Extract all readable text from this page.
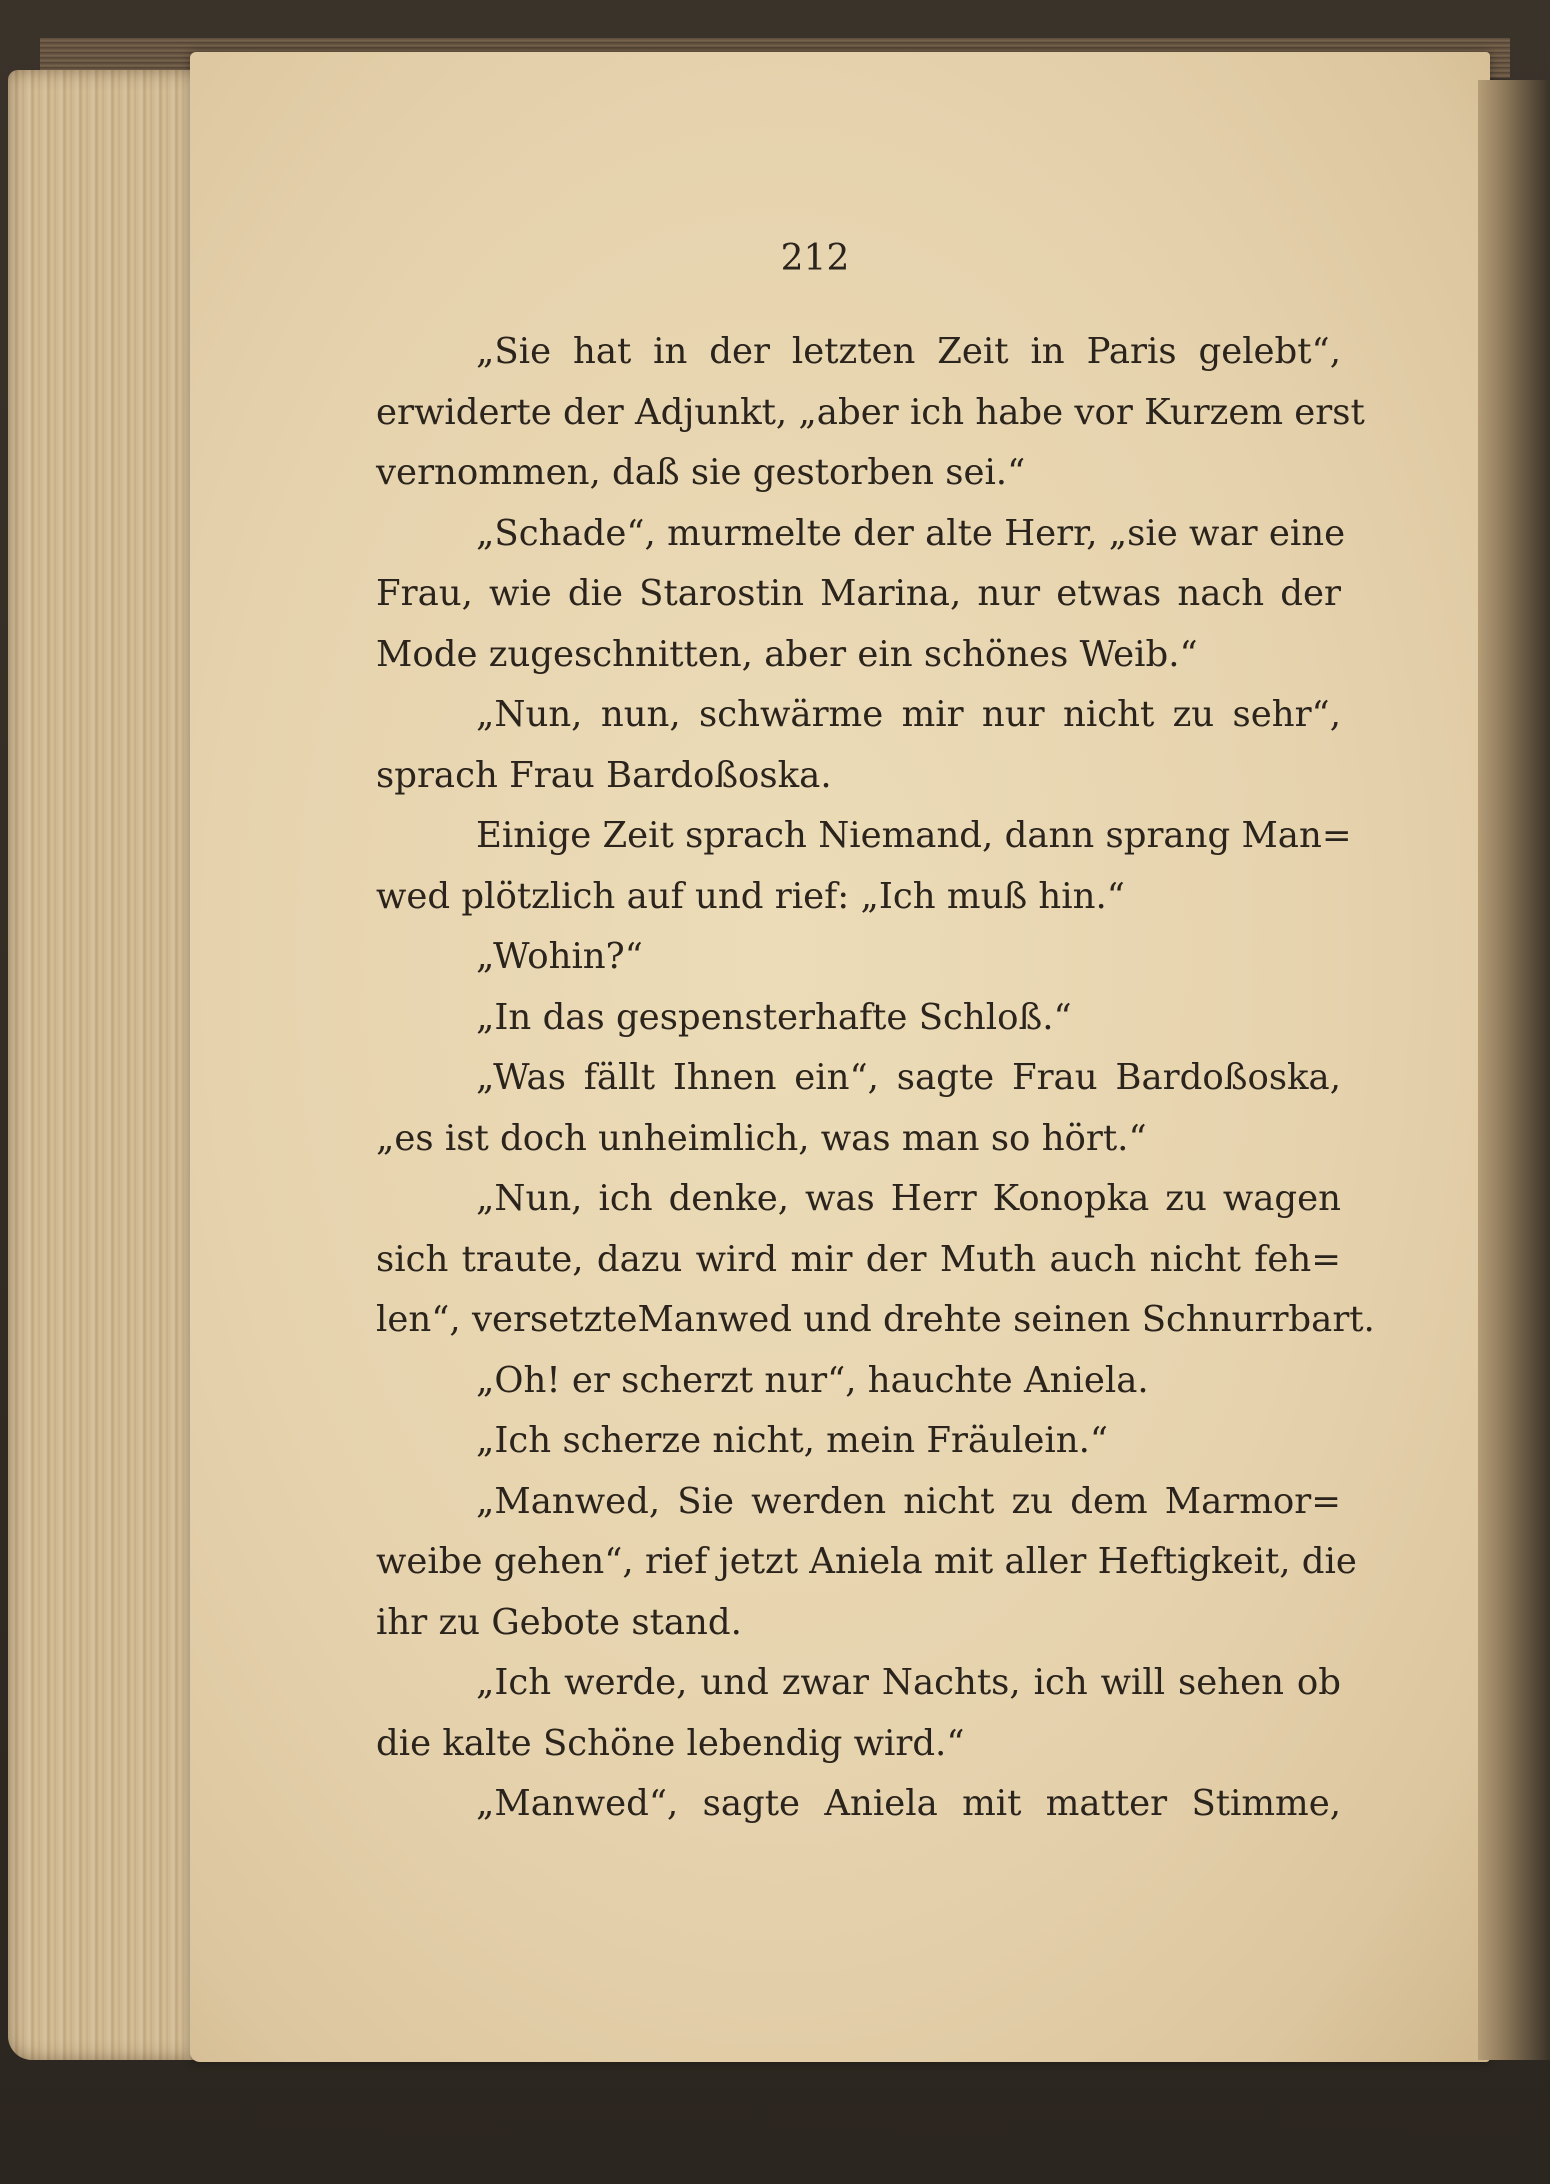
212
„Sie hat in der letzten Zeit in Paris gelebt“,
erwiderte der Adjunkt, „aber ich habe vor Kurzem erst
vernommen, daß sie gestorben sei.“
„Schade“, murmelte der alte Herr, „sie war eine
Frau, wie die Starostin Marina, nur etwas nach der
Mode zugeschnitten, aber ein schönes Weib.“
„Nun, nun, schwärme mir nur nicht zu sehr“,
sprach Frau Bardoßoska.
Einige Zeit sprach Niemand, dann sprang Man=
wed plötzlich auf und rief: „Ich muß hin.“
„Wohin?“
„In das gespensterhafte Schloß.“
„Was fällt Ihnen ein“, sagte Frau Bardoßoska,
„es ist doch unheimlich, was man so hört.“
„Nun, ich denke, was Herr Konopka zu wagen
sich traute, dazu wird mir der Muth auch nicht feh=
len“, versetzteManwed und drehte seinen Schnurrbart.
„Oh! er scherzt nur“, hauchte Aniela.
„Ich scherze nicht, mein Fräulein.“
„Manwed, Sie werden nicht zu dem Marmor=
weibe gehen“, rief jetzt Aniela mit aller Heftigkeit, die
ihr zu Gebote stand.
„Ich werde, und zwar Nachts, ich will sehen ob
die kalte Schöne lebendig wird.“
„Manwed“, sagte Aniela mit matter Stimme,
